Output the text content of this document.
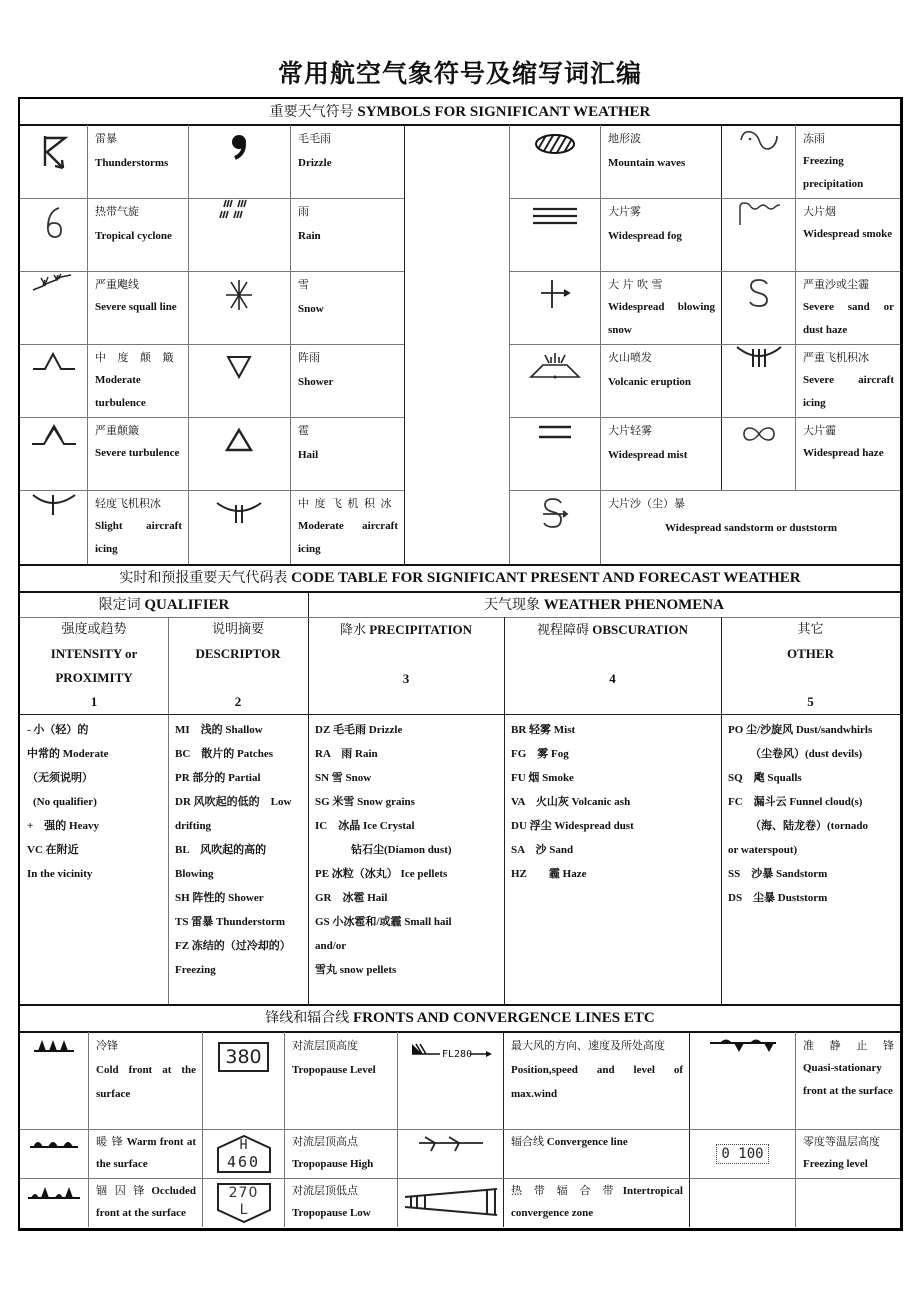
常用航空气象符号及缩写词汇编
重要天气符号 SYMBOLS FOR SIGNIFICANT WEATHER
雷暴
Thunderstorms
毛毛雨
Drizzle
地形波
Mountain waves
冻雨
Freezing precipitation
热带气旋
Tropical cyclone
雨
Rain
大片雾
Widespread fog
大片烟
Widespread smoke
严重飑线
Severe squall line
雪
Snow
大 片 吹 雪
Widespread blowing snow
严重沙或尘霾
Severe sand or dust haze
中 度 颠 簸
Moderate turbulence
阵雨
Shower
火山喷发
Volcanic eruption
严重飞机积冰
Severe aircraft icing
严重颠簸
Severe turbulence
雹
Hail
大片轻雾
Widespread mist
大片霾
Widespread haze
轻度飞机积冰
Slight aircraft icing
中 度 飞 机 积 冰
Moderate aircraft icing
大片沙（尘）暴
Widespread sandstorm or duststorm
实时和预报重要天气代码表 CODE TABLE FOR SIGNIFICANT PRESENT AND FORECAST WEATHER
限定词 QUALIFIER	天气现象 WEATHER PHENOMENA
强度或趋势
INTENSITY or PROXIMITY
1
说明摘要
DESCRIPTOR
2
降水 PRECIPITATION
3
视程障碍 OBSCURATION
4
其它
OTHER
5
- 小（轻）的
中常的 Moderate
（无须说明）
(No qualifier)
+　强的 Heavy
VC 在附近
In the vicinity
MI　浅的 Shallow
BC　散片的 Patches
PR 部分的 Partial
DR 风吹起的低的　Low
drifting
BL　风吹起的高的
Blowing
SH 阵性的 Shower
TS 雷暴 Thunderstorm
FZ 冻结的（过冷却的）
Freezing
DZ 毛毛雨 Drizzle
RA　雨 Rain
SN 雪 Snow
SG 米雪 Snow grains
IC　冰晶 Ice Crystal
钻石尘(Diamon dust)
PE 冰粒（冰丸） Ice pellets
GR　冰雹 Hail
GS 小冰雹和/或霾 Small hail
and/or
雪丸 snow pellets
BR 轻雾 Mist
FG　雾 Fog
FU 烟 Smoke
VA　火山灰 Volcanic ash
DU 浮尘 Widespread dust
SA　沙 Sand
HZ　　霾 Haze
PO 尘/沙旋风 Dust/sandwhirls
（尘卷风）(dust devils)
SQ　飑 Squalls
FC　漏斗云 Funnel cloud(s)
（海、陆龙卷）(tornado
or waterspout)
SS　沙暴 Sandstorm
DS　尘暴 Duststorm
锋线和辐合线 FRONTS AND CONVERGENCE LINES ETC
冷锋
Cold front at the surface
380
对流层顶高度
Tropopause Level
FL280
最大风的方向、速度及所处高度
Position,speed and level of max.wind
准 静 止 锋
Quasi-stationary front at the surface
暖 锋 Warm front at the surface
H
460
对流层顶高点
Tropopause High
辐合线 Convergence line
0 100
零度等温层高度
Freezing level
锢 囚 锋 Occluded front at the surface
270
L
对流层顶低点
Tropopause Low
热 带 辐 合 带 Intertropical convergence zone
